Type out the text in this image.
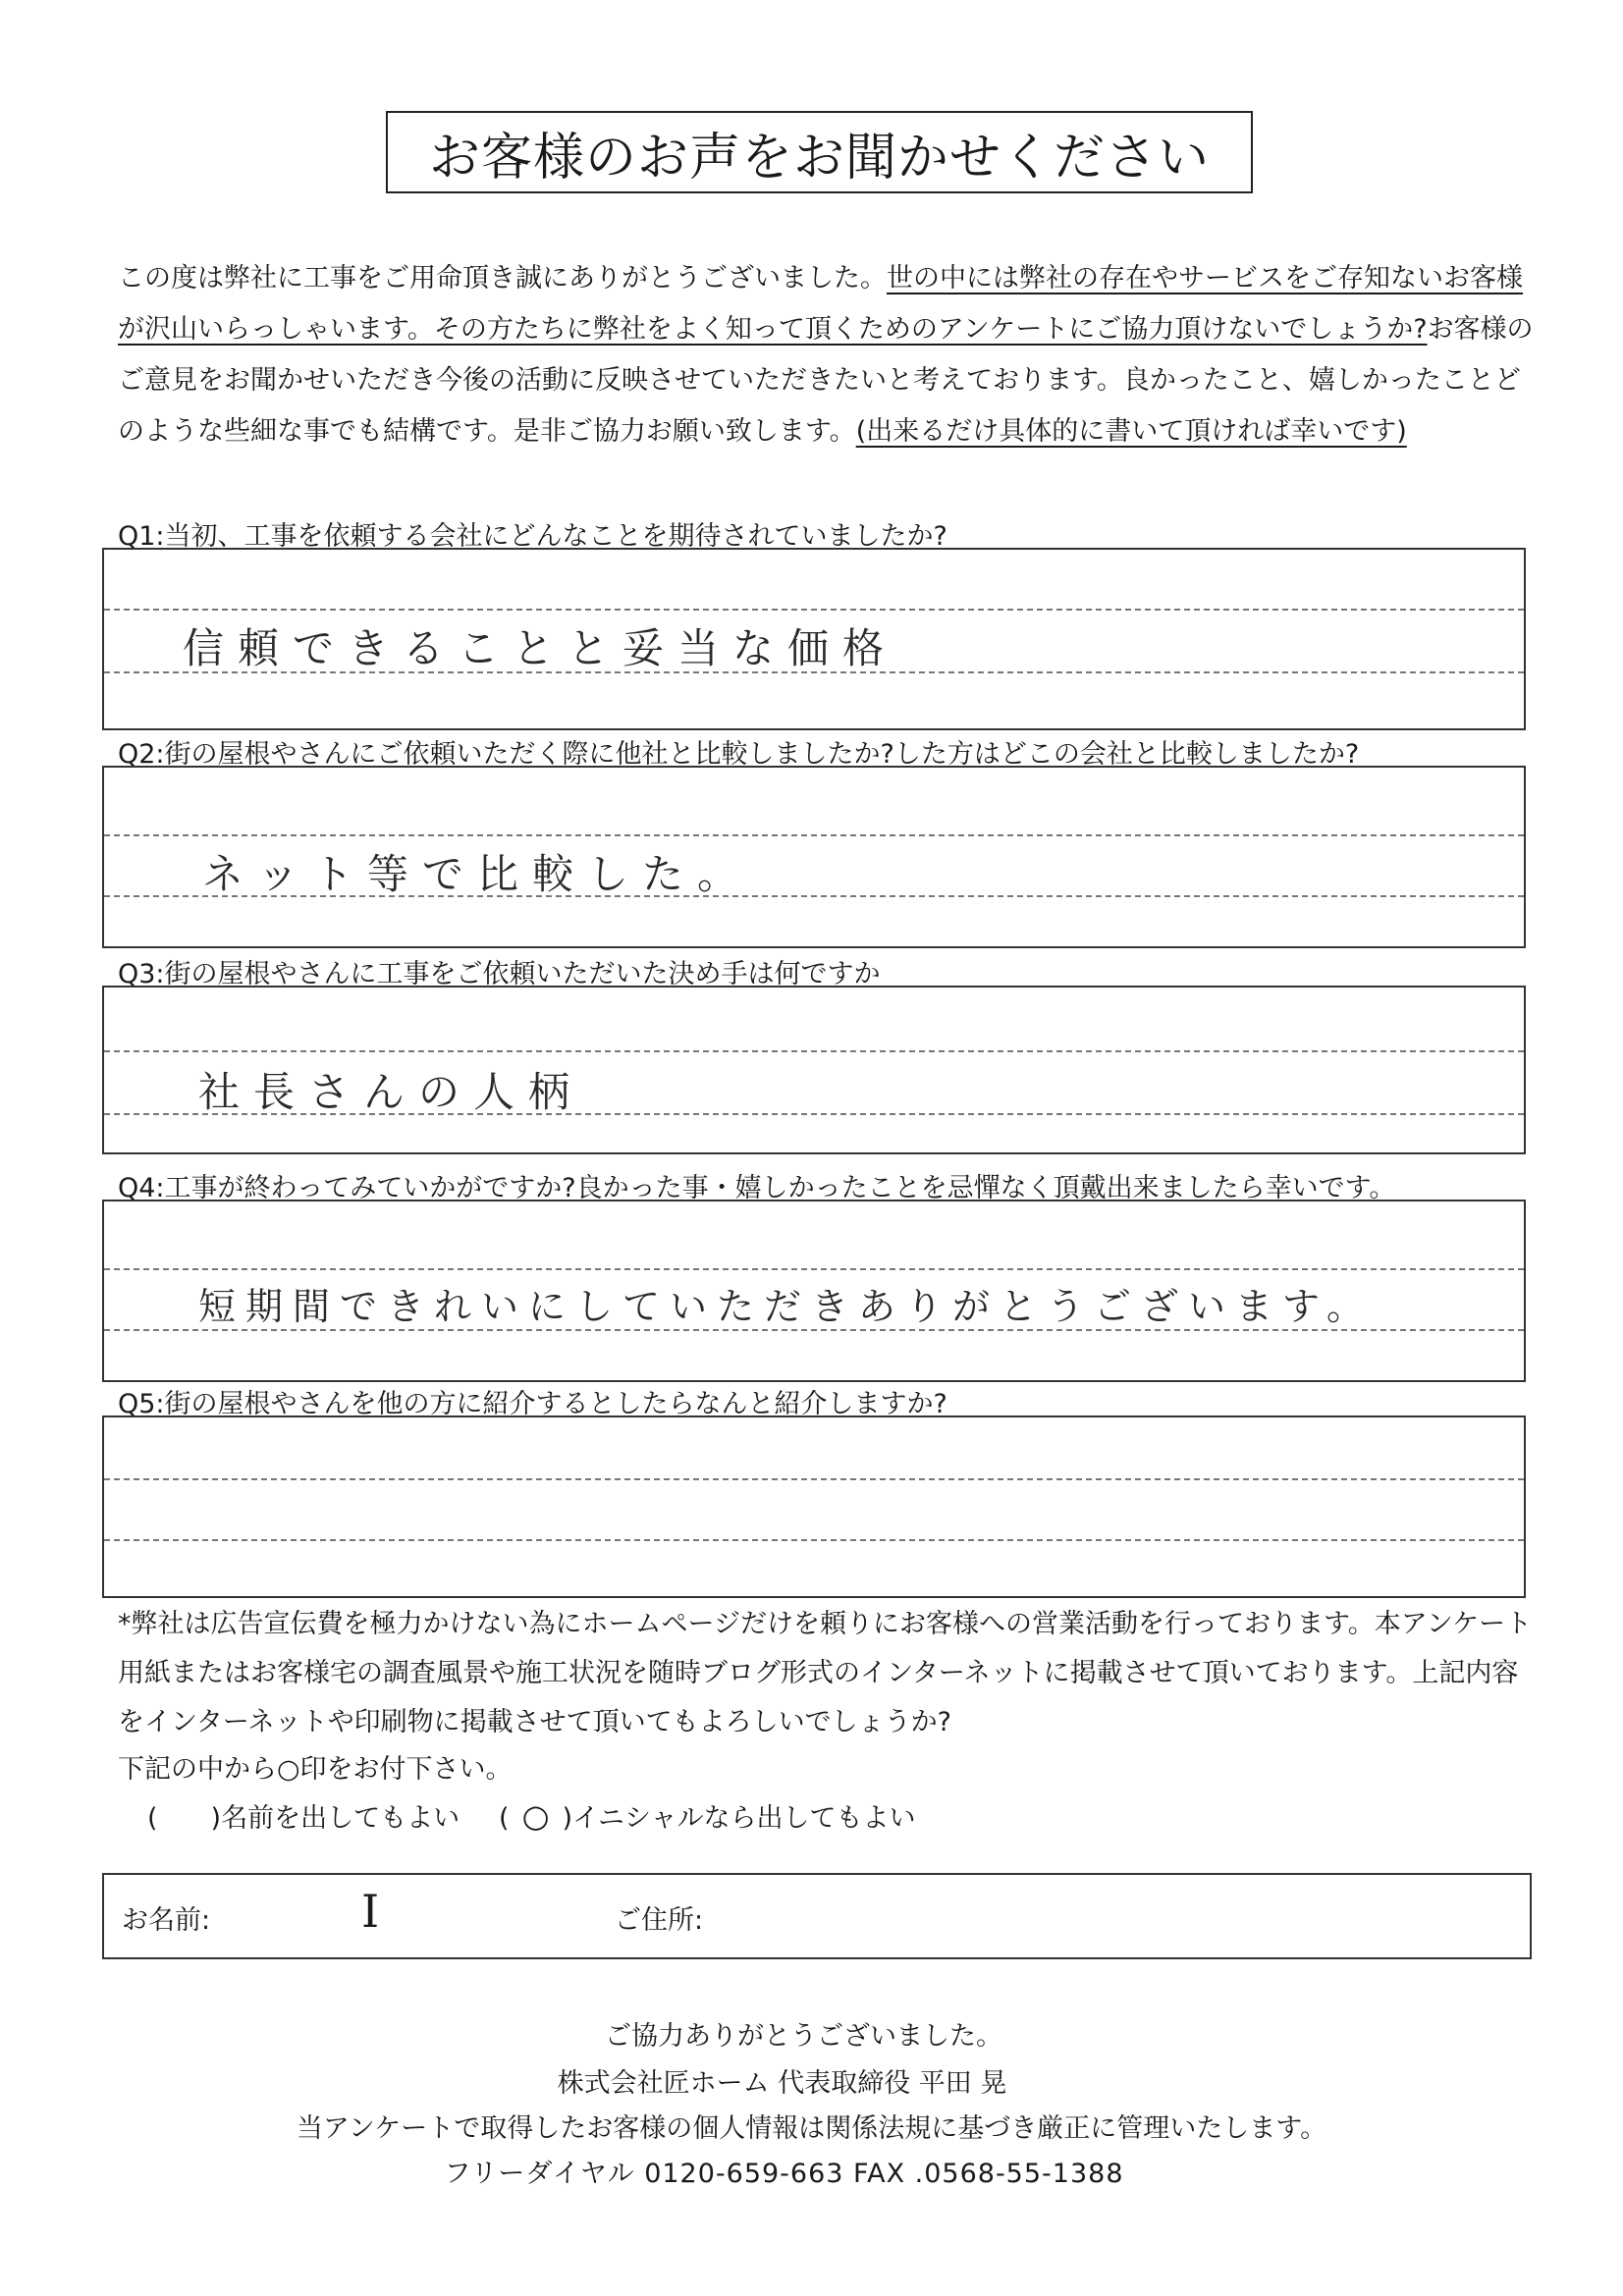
お客様のお声をお聞かせください
この度は弊社に工事をご用命頂き誠にありがとうございました。世の中には弊社の存在やサービスをご存知ないお客様が沢山いらっしゃいます。その方たちに弊社をよく知って頂くためのアンケートにご協力頂けないでしょうか?お客様のご意見をお聞かせいただき今後の活動に反映させていただきたいと考えております。良かったこと、嬉しかったことどのような些細な事でも結構です。是非ご協力お願い致します。(出来るだけ具体的に書いて頂ければ幸いです)
Q1:当初、工事を依頼する会社にどんなことを期待されていましたか?
信頼できることと妥当な価格
Q2:街の屋根やさんにご依頼いただく際に他社と比較しましたか?した方はどこの会社と比較しましたか?
ネット等で比較した。
Q3:街の屋根やさんに工事をご依頼いただいた決め手は何ですか
社長さんの人柄
Q4:工事が終わってみていかがですか?良かった事・嬉しかったことを忌憚なく頂戴出来ましたら幸いです。
短期間できれいにしていただきありがとうございます。
Q5:街の屋根やさんを他の方に紹介するとしたらなんと紹介しますか?
*弊社は広告宣伝費を極力かけない為にホームページだけを頼りにお客様への営業活動を行っております。本アンケート用紙またはお客様宅の調査風景や施工状況を随時ブログ形式のインターネットに掲載させて頂いております。上記内容をインターネットや印刷物に掲載させて頂いてもよろしいでしょうか?
下記の中から○印をお付下さい。
( )名前を出してもよい ( ○ )イニシャルなら出してもよい
お名前:	I	ご住所:
ご協力ありがとうございました。
株式会社匠ホーム 代表取締役 平田 晃
当アンケートで取得したお客様の個人情報は関係法規に基づき厳正に管理いたします。
フリーダイヤル 0120-659-663 FAX .0568-55-1388
